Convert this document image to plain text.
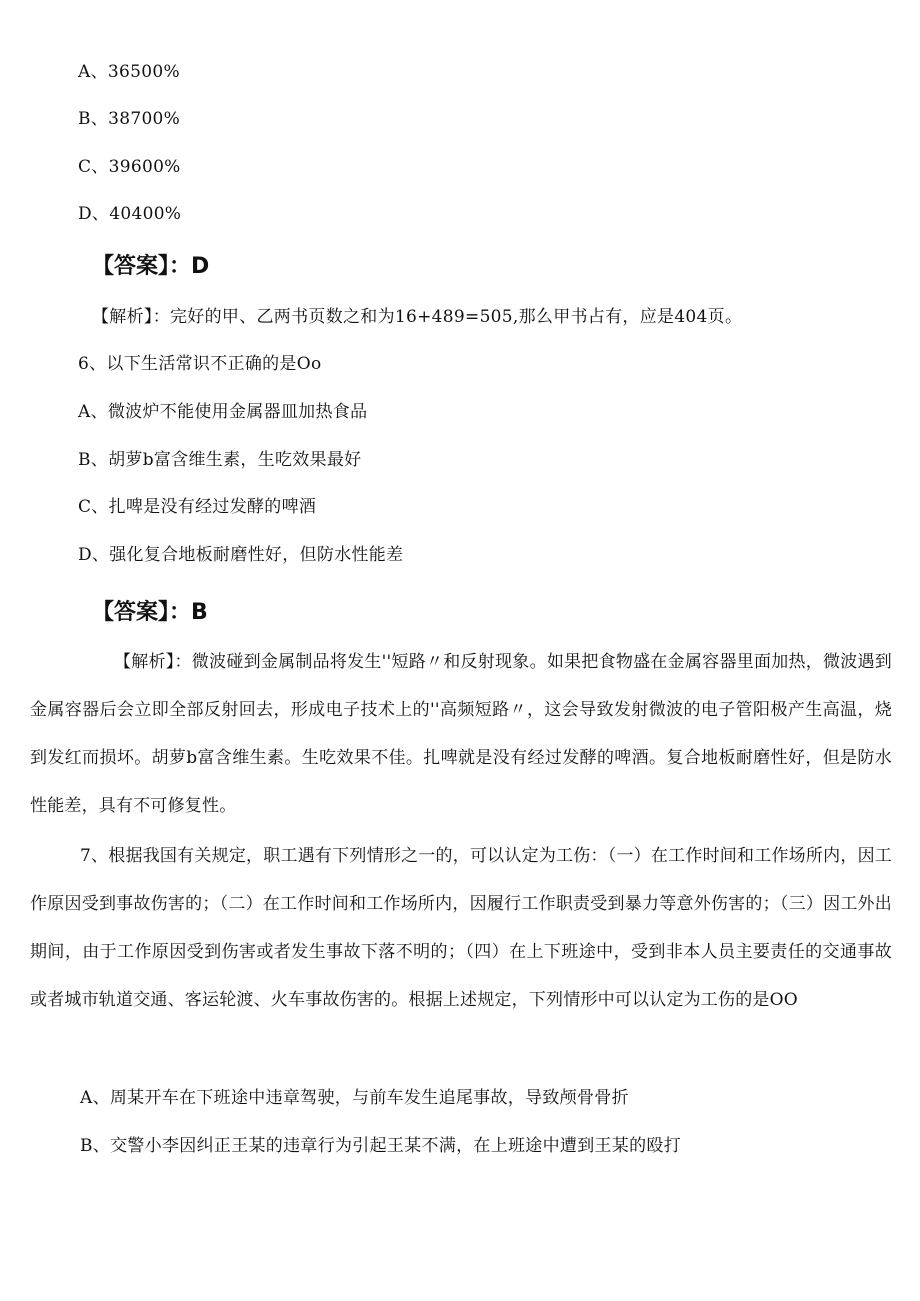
A、36500%
B、38700%
C、39600%
D、40400%
【答案】：D
【解析】：完好的甲、乙两书页数之和为16+489=505,那么甲书占有，应是404页。
6、以下生活常识不正确的是Oo
A、微波炉不能使用金属器皿加热食品
B、胡萝b富含维生素，生吃效果最好
C、扎啤是没有经过发酵的啤酒
D、强化复合地板耐磨性好，但防水性能差
【答案】：B
【解析】：微波碰到金属制品将发生''短路〃和反射现象。如果把食物盛在金属容器里面加热，微波遇到金属容器后会立即全部反射回去，形成电子技术上的''高频短路〃，这会导致发射微波的电子管阳极产生高温，烧到发红而损坏。胡萝b富含维生素。生吃效果不佳。扎啤就是没有经过发酵的啤酒。复合地板耐磨性好，但是防水性能差，具有不可修复性。
7、根据我国有关规定，职工遇有下列情形之一的，可以认定为工伤：（一）在工作时间和工作场所内，因工作原因受到事故伤害的；（二）在工作时间和工作场所内，因履行工作职责受到暴力等意外伤害的；（三）因工外出期间，由于工作原因受到伤害或者发生事故下落不明的；（四）在上下班途中，受到非本人员主要责任的交通事故或者城市轨道交通、客运轮渡、火车事故伤害的。根据上述规定，下列情形中可以认定为工伤的是OO
A、周某开车在下班途中违章驾驶，与前车发生追尾事故，导致颅骨骨折
B、交警小李因纠正王某的违章行为引起王某不满，在上班途中遭到王某的殴打
